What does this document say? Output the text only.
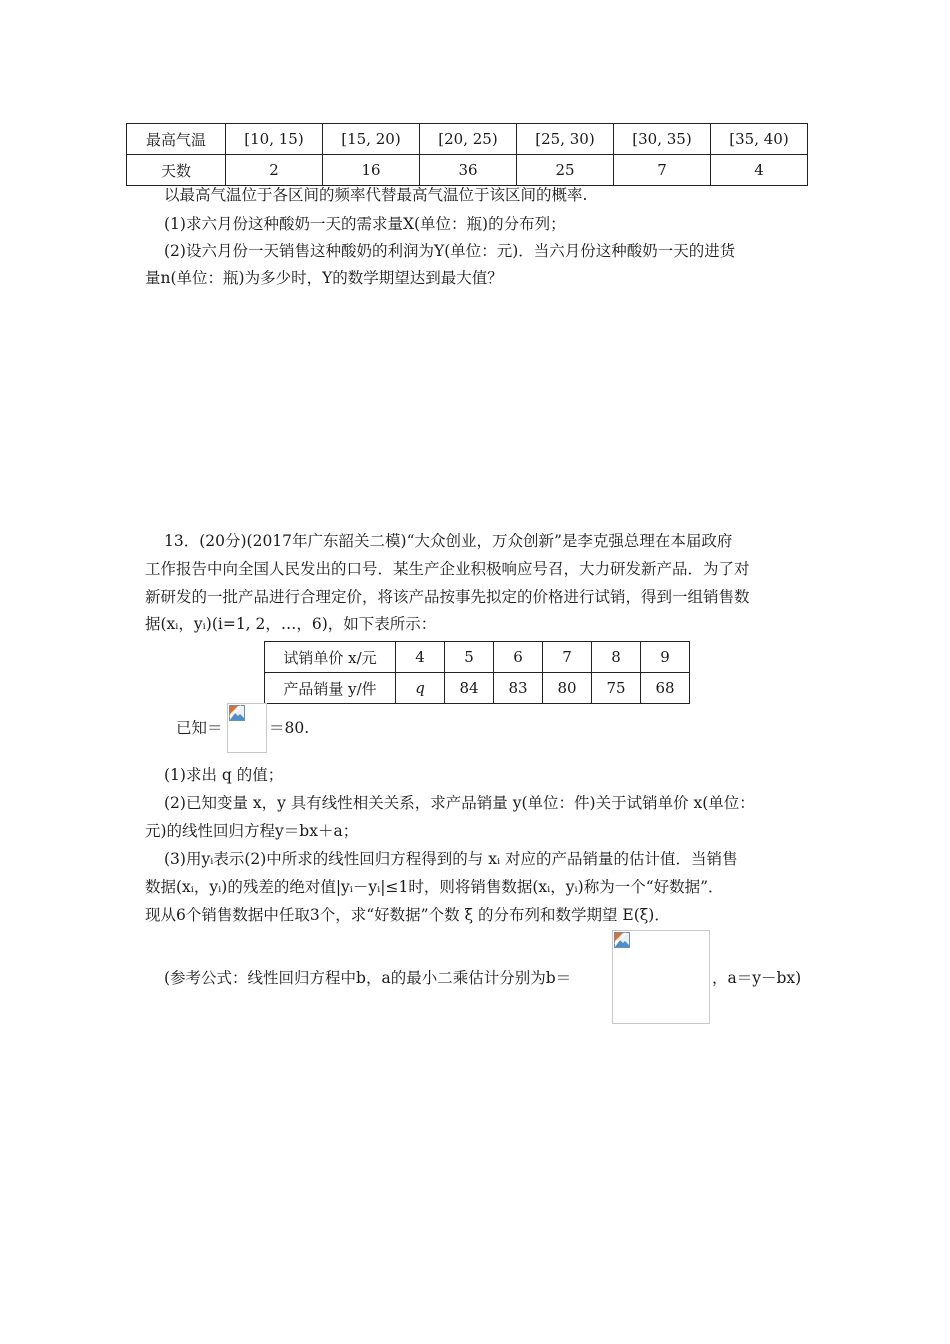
最高气温	[10, 15)	[15, 20)	[20, 25)	[25, 30)	[30, 35)	[35, 40)
天数	2	16	36	25	7	4
以最高气温位于各区间的频率代替最高气温位于该区间的概率.
(1)求六月份这种酸奶一天的需求量X(单位：瓶)的分布列；
(2)设六月份一天销售这种酸奶的利润为Y(单位：元)．当六月份这种酸奶一天的进货
量n(单位：瓶)为多少时，Y的数学期望达到最大值？
13．(20分)(2017年广东韶关二模)“大众创业，万众创新”是李克强总理在本届政府
工作报告中向全国人民发出的口号．某生产企业积极响应号召，大力研发新产品．为了对
新研发的一批产品进行合理定价，将该产品按事先拟定的价格进行试销，得到一组销售数
据(xᵢ，yᵢ)(i=1, 2，…，6)，如下表所示：
试销单价 x/元	4	5	6	7	8	9
产品销量 y/件	q	84	83	80	75	68
已知＝	＝80.
(1)求出 q 的值；
(2)已知变量 x，y 具有线性相关关系，求产品销量 y(单位：件)关于试销单价 x(单位：
元)的线性回归方程y＝bx＋a；
(3)用yᵢ表示(2)中所求的线性回归方程得到的与 xᵢ 对应的产品销量的估计值．当销售
数据(xᵢ，yᵢ)的残差的绝对值|yᵢ－yᵢ|≤1时，则将销售数据(xᵢ，yᵢ)称为一个“好数据”．
现从6个销售数据中任取3个，求“好数据”个数 ξ 的分布列和数学期望 E(ξ)．
(参考公式：线性回归方程中b，a的最小二乘估计分别为b＝	，a＝y－bx)
